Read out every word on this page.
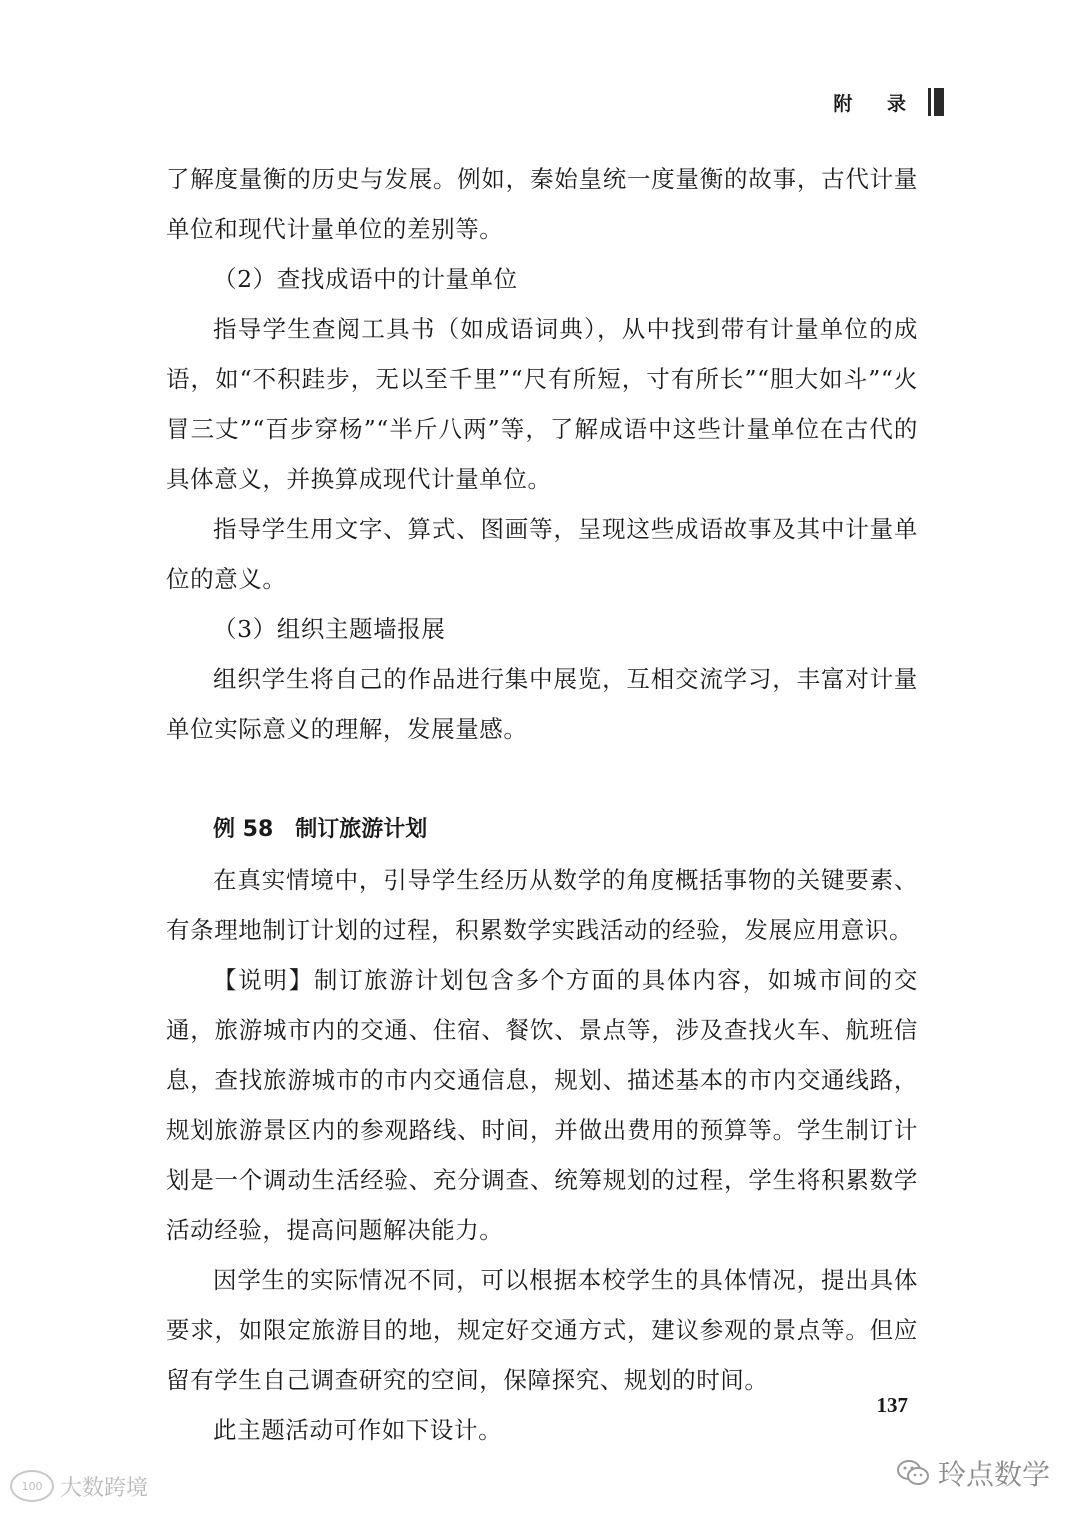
附 录

了解度量衡的历史与发展。例如，秦始皇统一度量衡的故事，古代计量单位和现代计量单位的差别等。

（2）查找成语中的计量单位

指导学生查阅工具书（如成语词典），从中找到带有计量单位的成语，如“不积跬步，无以至千里”“尺有所短，寸有所长”“胆大如斗”“火冒三丈”“百步穿杨”“半斤八两”等，了解成语中这些计量单位在古代的具体意义，并换算成现代计量单位。

指导学生用文字、算式、图画等，呈现这些成语故事及其中计量单位的意义。

（3）组织主题墙报展

组织学生将自己的作品进行集中展览，互相交流学习，丰富对计量单位实际意义的理解，发展量感。

例 58　制订旅游计划

在真实情境中，引导学生经历从数学的角度概括事物的关键要素、有条理地制订计划的过程，积累数学实践活动的经验，发展应用意识。

【说明】制订旅游计划包含多个方面的具体内容，如城市间的交通，旅游城市内的交通、住宿、餐饮、景点等，涉及查找火车、航班信息，查找旅游城市的市内交通信息，规划、描述基本的市内交通线路，规划旅游景区内的参观路线、时间，并做出费用的预算等。学生制订计划是一个调动生活经验、充分调查、统筹规划的过程，学生将积累数学活动经验，提高问题解决能力。

因学生的实际情况不同，可以根据本校学生的具体情况，提出具体要求，如限定旅游目的地，规定好交通方式，建议参观的景点等。但应留有学生自己调查研究的空间，保障探究、规划的时间。

此主题活动可作如下设计。

137
100 大数跨境	玲点数学
